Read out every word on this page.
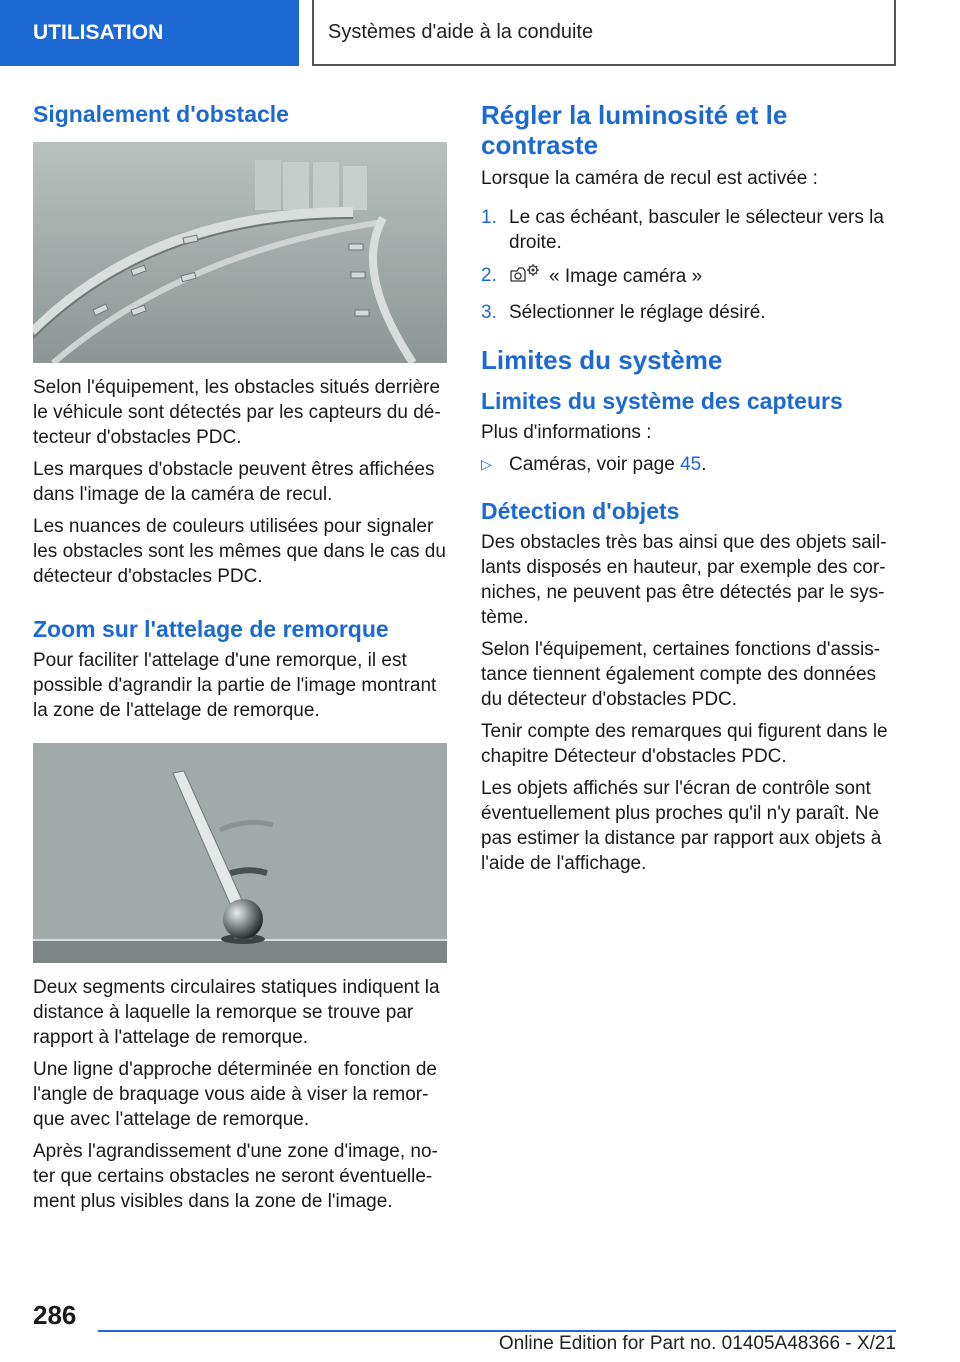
UTILISATION	Systèmes d'aide à la conduite
Signalement d'obstacle

Selon l'équipement, les obstacles situés derrière le véhicule sont détectés par les capteurs du détecteur d'obstacles PDC.

Les marques d'obstacle peuvent êtres affichées dans l'image de la caméra de recul.

Les nuances de couleurs utilisées pour signaler les obstacles sont les mêmes que dans le cas du détecteur d'obstacles PDC.

Zoom sur l'attelage de remorque

Pour faciliter l'attelage d'une remorque, il est possible d'agrandir la partie de l'image montrant la zone de l'attelage de remorque.

Deux segments circulaires statiques indiquent la distance à laquelle la remorque se trouve par rapport à l'attelage de remorque.

Une ligne d'approche déterminée en fonction de l'angle de braquage vous aide à viser la remorque avec l'attelage de remorque.

Après l'agrandissement d'une zone d'image, noter que certains obstacles ne seront éventuellement plus visibles dans la zone de l'image.

Régler la luminosité et le contraste

Lorsque la caméra de recul est activée :

1. Le cas échéant, basculer le sélecteur vers la droite.
2.	« Image caméra »
3. Sélectionner le réglage désiré.
Limites du système
Limites du système des capteurs

Plus d'informations :

▷ Caméras, voir page 45.
Détection d'objets

Des obstacles très bas ainsi que des objets saillants disposés en hauteur, par exemple des corniches, ne peuvent pas être détectés par le système.

Selon l'équipement, certaines fonctions d'assistance tiennent également compte des données du détecteur d'obstacles PDC.

Tenir compte des remarques qui figurent dans le chapitre Détecteur d'obstacles PDC.

Les objets affichés sur l'écran de contrôle sont éventuellement plus proches qu'il n'y paraît. Ne pas estimer la distance par rapport aux objets à l'aide de l'affichage.

286
Online Edition for Part no. 01405A48366 - X/21
